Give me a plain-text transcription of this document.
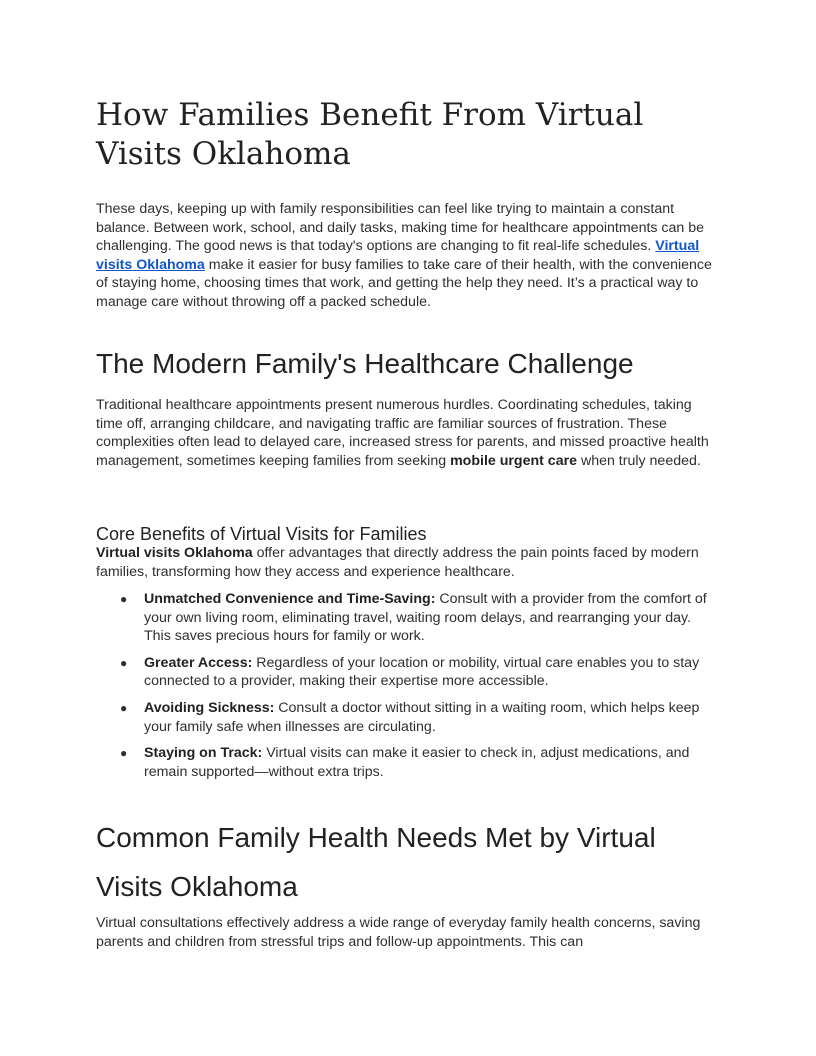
How Families Benefit From Virtual Visits Oklahoma

These days, keeping up with family responsibilities can feel like trying to maintain a constant balance. Between work, school, and daily tasks, making time for healthcare appointments can be challenging. The good news is that today's options are changing to fit real-life schedules. Virtual visits Oklahoma make it easier for busy families to take care of their health, with the convenience of staying home, choosing times that work, and getting the help they need. It’s a practical way to manage care without throwing off a packed schedule.

The Modern Family's Healthcare Challenge

Traditional healthcare appointments present numerous hurdles. Coordinating schedules, taking time off, arranging childcare, and navigating traffic are familiar sources of frustration. These complexities often lead to delayed care, increased stress for parents, and missed proactive health management, sometimes keeping families from seeking mobile urgent care when truly needed.

Core Benefits of Virtual Visits for Families

Virtual visits Oklahoma offer advantages that directly address the pain points faced by modern families, transforming how they access and experience healthcare.

● Unmatched Convenience and Time-Saving: Consult with a provider from the comfort of your own living room, eliminating travel, waiting room delays, and rearranging your day. This saves precious hours for family or work.
● Greater Access: Regardless of your location or mobility, virtual care enables you to stay connected to a provider, making their expertise more accessible.
● Avoiding Sickness: Consult a doctor without sitting in a waiting room, which helps keep your family safe when illnesses are circulating.
● Staying on Track: Virtual visits can make it easier to check in, adjust medications, and remain supported—without extra trips.
Common Family Health Needs Met by Virtual Visits Oklahoma

Virtual consultations effectively address a wide range of everyday family health concerns, saving parents and children from stressful trips and follow-up appointments. This can
